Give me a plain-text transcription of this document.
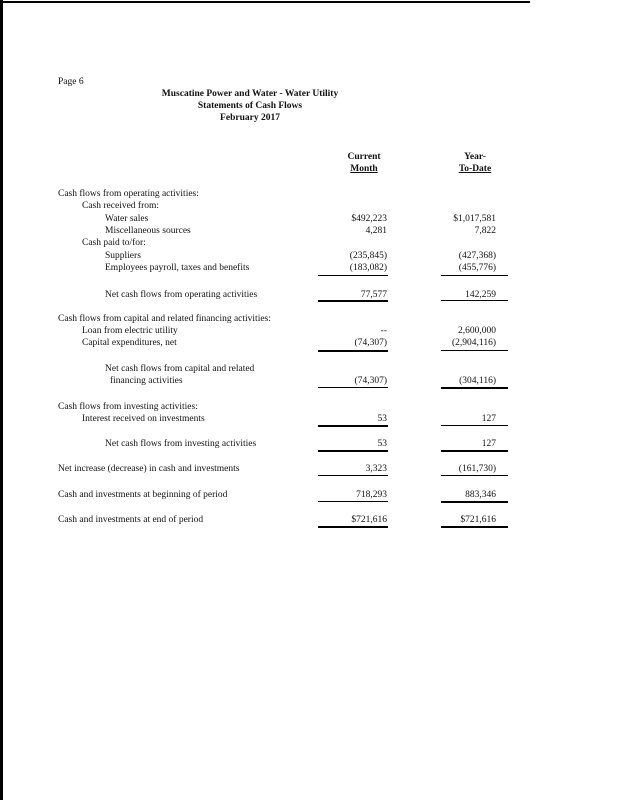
Page 6
Muscatine Power and Water - Water Utility
Statements of Cash Flows
February 2017
Current
Month
Year-
To-Date
Cash flows from operating activities:
Cash received from:
Water sales	$492,223	$1,017,581
Miscellaneous sources	4,281	7,822
Cash paid to/for:
Suppliers	(235,845)	(427,368)
Employees payroll, taxes and benefits	(183,082)	(455,776)
Net cash flows from operating activities	77,577	142,259
Cash flows from capital and related financing activities:
Loan from electric utility	--	2,600,000
Capital expenditures, net	(74,307)	(2,904,116)
Net cash flows from capital and related
financing activities	(74,307)	(304,116)
Cash flows from investing activities:
Interest received on investments	53	127
Net cash flows from investing activities	53	127
Net increase (decrease) in cash and investments	3,323	(161,730)
Cash and investments at beginning of period	718,293	883,346
Cash and investments at end of period	$721,616	$721,616
